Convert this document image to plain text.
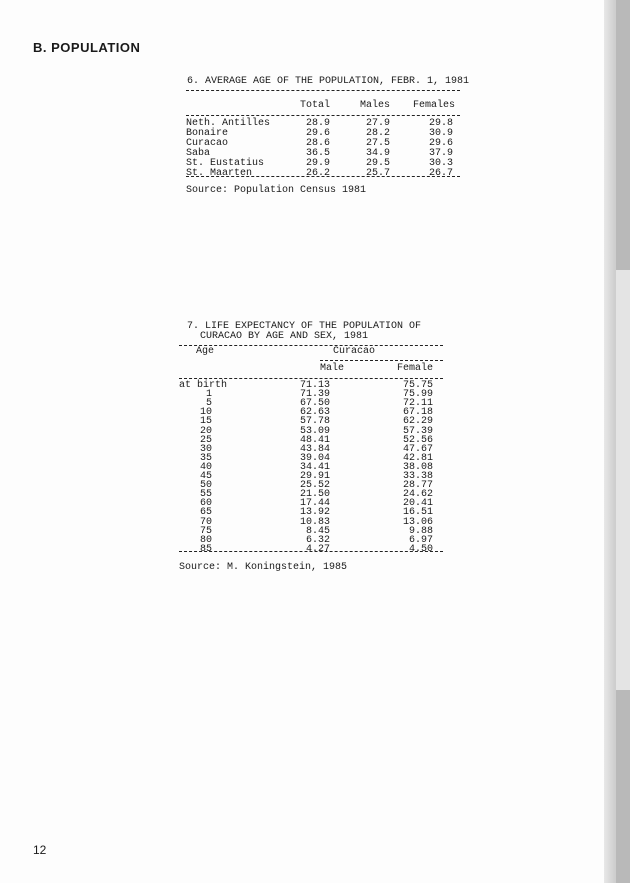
B. POPULATION
6. AVERAGE AGE OF THE POPULATION, FEBR. 1, 1981
Total	Males	Females
Neth. Antilles	28.9	27.9	29.8
Bonaire	29.6	28.2	30.9
Curacao	28.6	27.5	29.6
Saba	36.5	34.9	37.9
St. Eustatius	29.9	29.5	30.3
St. Maarten	26.2	25.7	26.7
Source: Population Census 1981
7. LIFE EXPECTANCY OF THE POPULATION OF
CURACAO BY AGE AND SEX, 1981
Age	Curacao
Male	Female
at birth	71.13	75.75
1	71.39	75.99
5	67.50	72.11
10	62.63	67.18
15	57.78	62.29
20	53.09	57.39
25	48.41	52.56
30	43.84	47.67
35	39.04	42.81
40	34.41	38.08
45	29.91	33.38
50	25.52	28.77
55	21.50	24.62
60	17.44	20.41
65	13.92	16.51
70	10.83	13.06
75	8.45	9.88
80	6.32	6.97
85	4.27	4.50
Source: M. Koningstein, 1985
12
